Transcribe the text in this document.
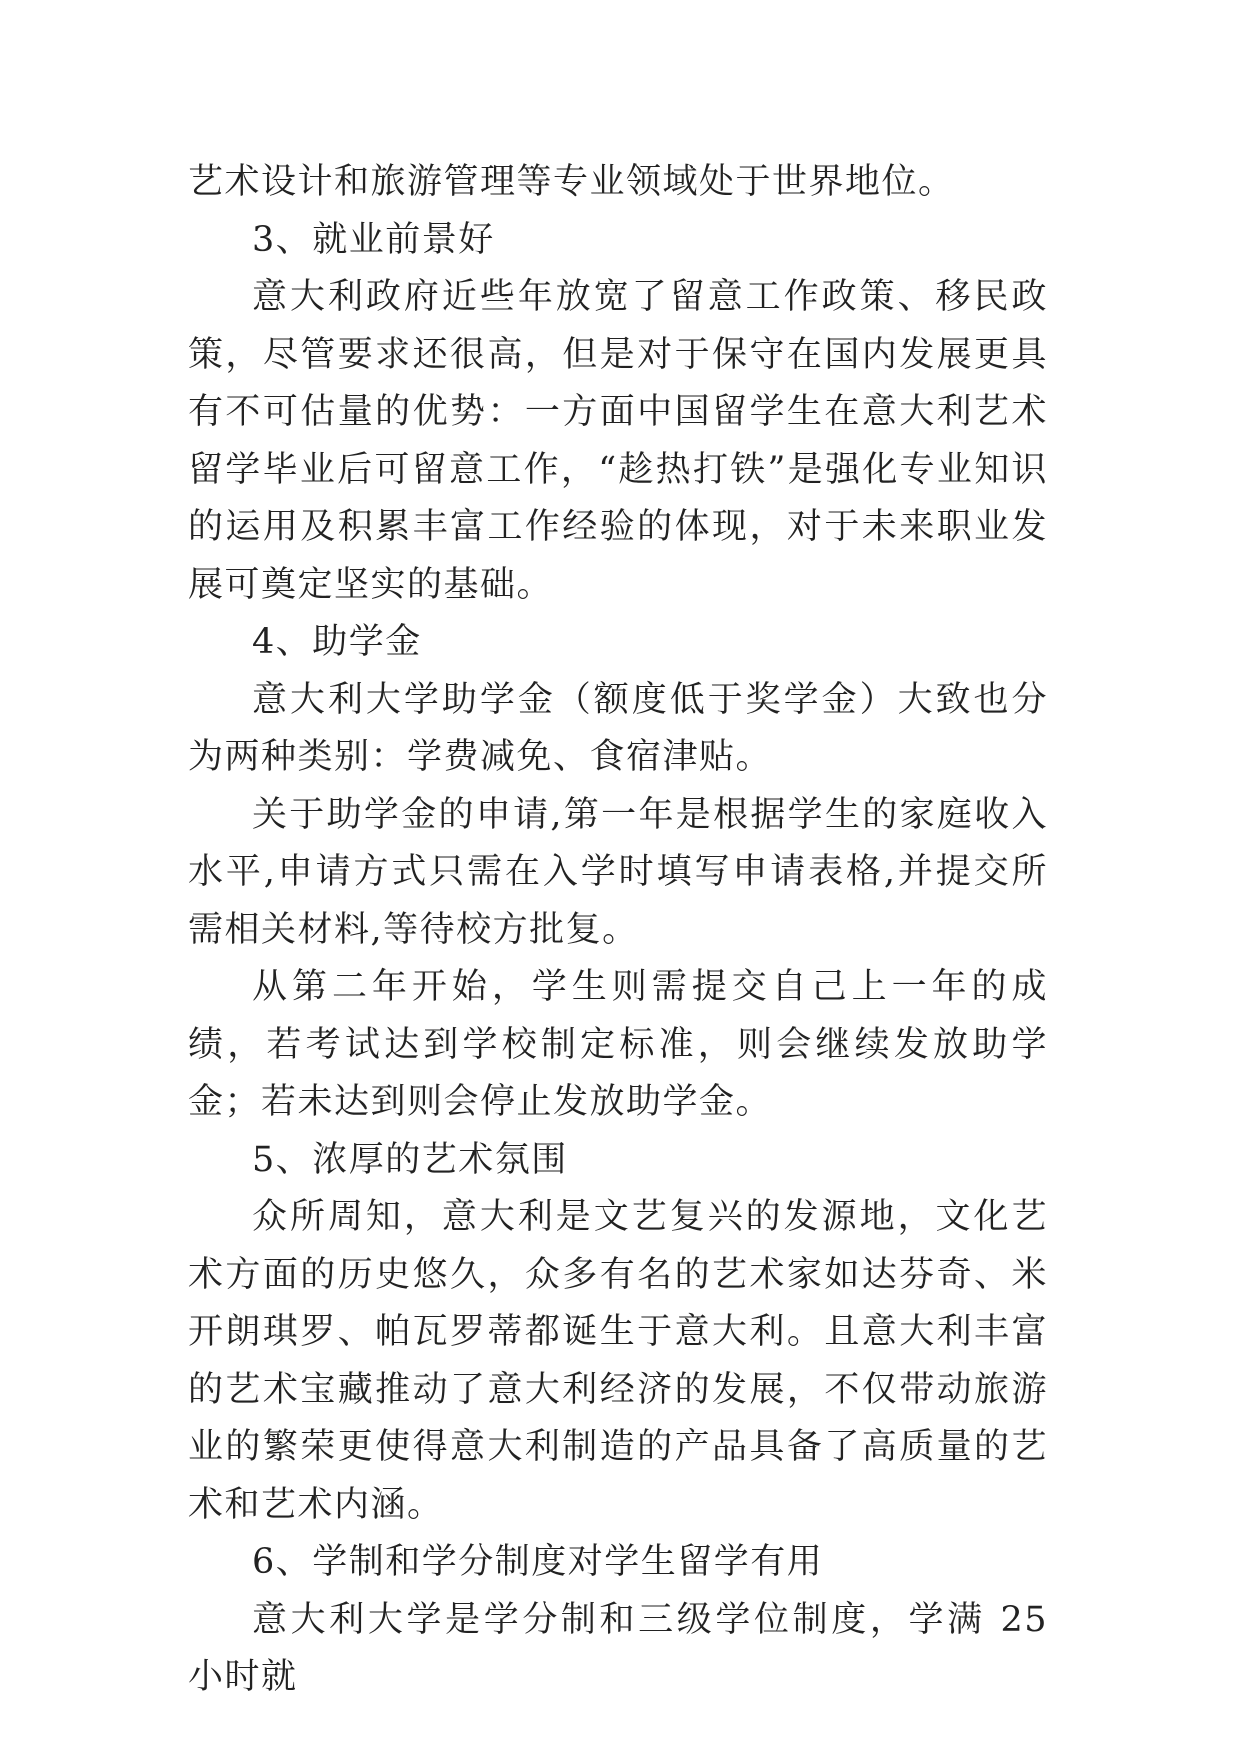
艺术设计和旅游管理等专业领域处于世界地位。

3、就业前景好

意大利政府近些年放宽了留意工作政策、移民政策，尽管要求还很高，但是对于保守在国内发展更具有不可估量的优势：一方面中国留学生在意大利艺术留学毕业后可留意工作，“趁热打铁”是强化专业知识的运用及积累丰富工作经验的体现，对于未来职业发展可奠定坚实的基础。

4、助学金

意大利大学助学金（额度低于奖学金）大致也分为两种类别：学费减免、食宿津贴。

关于助学金的申请,第一年是根据学生的家庭收入水平,申请方式只需在入学时填写申请表格,并提交所需相关材料,等待校方批复。

从第二年开始，学生则需提交自己上一年的成绩，若考试达到学校制定标准，则会继续发放助学金；若未达到则会停止发放助学金。

5、浓厚的艺术氛围

众所周知，意大利是文艺复兴的发源地，文化艺术方面的历史悠久，众多有名的艺术家如达芬奇、米开朗琪罗、帕瓦罗蒂都诞生于意大利。且意大利丰富的艺术宝藏推动了意大利经济的发展，不仅带动旅游业的繁荣更使得意大利制造的产品具备了高质量的艺术和艺术内涵。

6、学制和学分制度对学生留学有用

意大利大学是学分制和三级学位制度，学满 25 小时就
